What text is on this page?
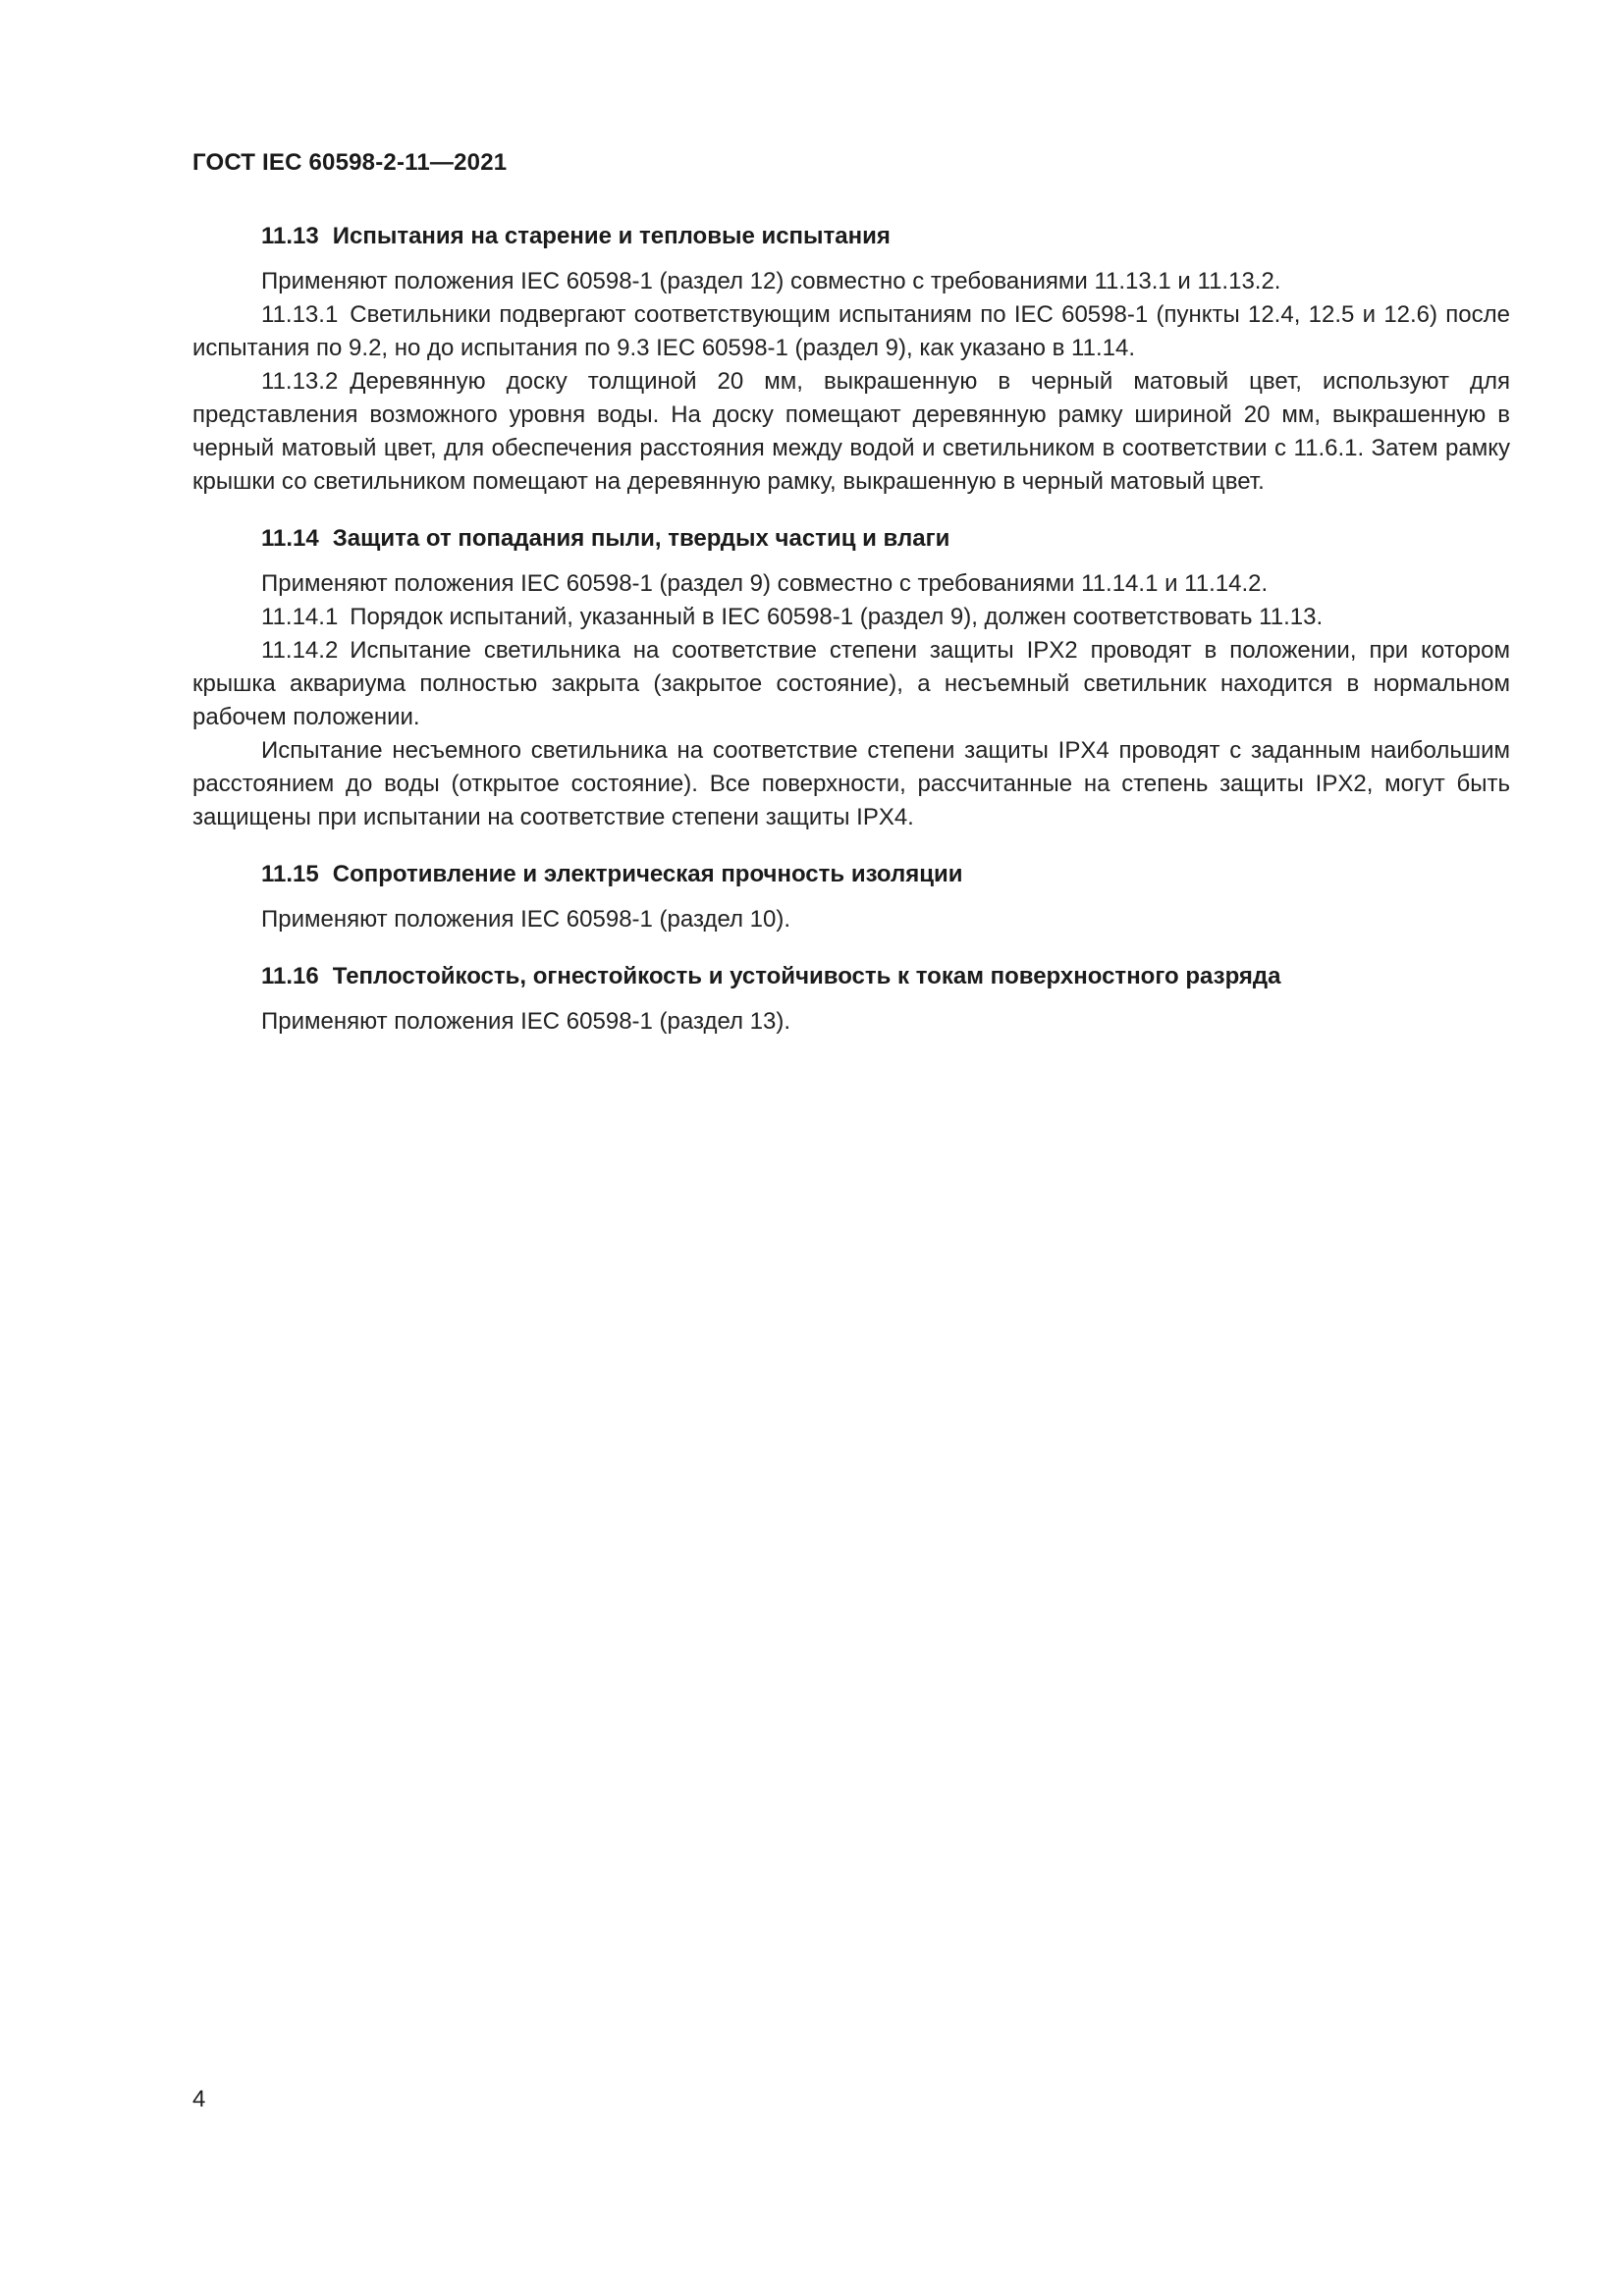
ГОСТ IEC 60598-2-11—2021
11.13 Испытания на старение и тепловые испытания

Применяют положения IEC 60598-1 (раздел 12) совместно с требованиями 11.13.1 и 11.13.2.

11.13.1 Светильники подвергают соответствующим испытаниям по IEC 60598-1 (пункты 12.4, 12.5 и 12.6) после испытания по 9.2, но до испытания по 9.3 IEC 60598-1 (раздел 9), как указано в 11.14.

11.13.2 Деревянную доску толщиной 20 мм, выкрашенную в черный матовый цвет, используют для представления возможного уровня воды. На доску помещают деревянную рамку шириной 20 мм, выкрашенную в черный матовый цвет, для обеспечения расстояния между водой и светильником в соответствии с 11.6.1. Затем рамку крышки со светильником помещают на деревянную рамку, выкрашенную в черный матовый цвет.

11.14 Защита от попадания пыли, твердых частиц и влаги

Применяют положения IEC 60598-1 (раздел 9) совместно с требованиями 11.14.1 и 11.14.2.

11.14.1 Порядок испытаний, указанный в IEC 60598-1 (раздел 9), должен соответствовать 11.13.

11.14.2 Испытание светильника на соответствие степени защиты IPX2 проводят в положении, при котором крышка аквариума полностью закрыта (закрытое состояние), а несъемный светильник находится в нормальном рабочем положении.

Испытание несъемного светильника на соответствие степени защиты IPX4 проводят с заданным наибольшим расстоянием до воды (открытое состояние). Все поверхности, рассчитанные на степень защиты IPX2, могут быть защищены при испытании на соответствие степени защиты IPX4.

11.15 Сопротивление и электрическая прочность изоляции

Применяют положения IEC 60598-1 (раздел 10).

11.16 Теплостойкость, огнестойкость и устойчивость к токам поверхностного разряда

Применяют положения IEC 60598-1 (раздел 13).

4
